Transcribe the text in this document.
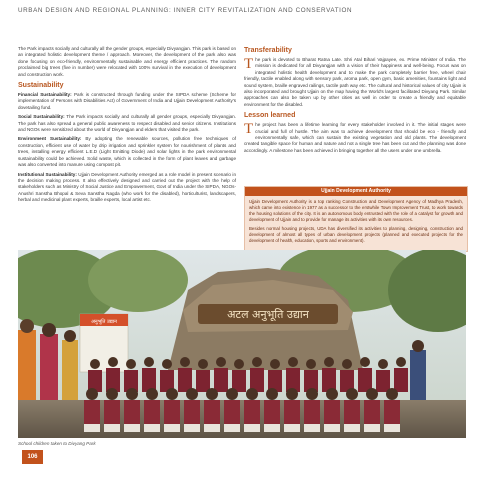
URBAN DESIGN AND REGIONAL PLANNING: INNER CITY REVITALIZATION AND CONSERVATION

The Park impacts socially and culturally all the gender groups, especially Divyangjan. This park is based on an integrated holistic development theme / approach. Moreover, the development of the park also was done focusing on eco-friendly, environmentally sustainable and energy efficient practices. The random proclaimed big trees (five in number) were relocated with 100% survival in the execution of development and construction work.

Sustainability

Financial Sustainability: Park is constructed through funding under the SIPDA scheme (Scheme for implementation of Persons with Disabilities Act) of Government of India and Ujjain Development Authority's dovetailing fund.

Social Sustainability: The Park impacts socially and culturally all gender groups, especially Divyangjan. The park has also spread a general public awareness to respect disabled and senior citizens. Institutions and NGOs were sensitized about the world of Divyangjan and elders that visited the park.

Environment Sustainability: By adopting the renewable sources, pollution free techniques of construction, efficient use of water by drip irrigation and sprinkler system for nourishment of plants and trees, installing energy efficient L.E.D (Light Emitting Diode) and solar lights in the park environmental sustainability could be achieved. Solid waste, which is collected in the form of plant leaves and garbage was also converted into manure using compost pit.

Institutional Sustainability: Ujjain Development Authority emerged as a role model in present scenario in the decision making process. It also effectively designed and carried out the project with the help of stakeholders such as Ministry of Social Justice and Empowerment, Govt of India under the SIPDA, NGOs- Anushri Sanstha Bhopal & Seva Sanstha Nagda (who work for the disabled), horticulturist, landscapers, herbal and medicinal plant experts, braille experts, local artist etc.

Transferability

The park is devoted to Bharat Ratna Late. Shri Atal Bihari Vajpayee, ex. Prime Minister of India. The mission is dedicated for all Divyangjan with a vision of their happiness and well-being. Focus was on integrated holistic health development and to make the park completely barrier free, wheel chair friendly, tactile enabled along with sensory park, aroma park, open gym, basic amenities, fountains light and sound system, braille engraved railings, tactile path way etc. The cultural and historical values of city Ujjain is also incorporated and brought Ujjain on the map having the World's largest facilitated Divyang Park. Similar approaches can also be taken up by other cities as well in order to create a friendly and equitable environment for the disabled.

Lesson learned

The project has been a lifetime learning for every stakeholder involved in it. The initial stages were crucial and full of hustle. The aim was to achieve development that should be eco - friendly and environmentally safe, which can sustain the existing vegetation and old plants. The development created tangible space for human and nature and not a single tree has been cut and the planning was done accordingly. A milestone has been achieved in bringing together all the users under one umbrella.

Ujjain Development Authority

Ujjain Development Authority is a top ranking Construction and Development Agency of Madhya Pradesh, which came into existence in 1977 as a successor to the erstwhile Town Improvement Trust, to work towards the housing solutions of the city. It is an autonomous body entrusted with the role of a catalyst for growth and development of Ujjain and to provide for manage its activities with its own resources.

Besides normal housing projects, UDA has diversified its activities to planning, designing, construction and development of almost all types of urban development projects (planned and executed projects for the development of health, education, sports and environment).

अटल अनुभूति उद्यान
अनुभूति उद्यान
School children taken to Divyang Park
106
